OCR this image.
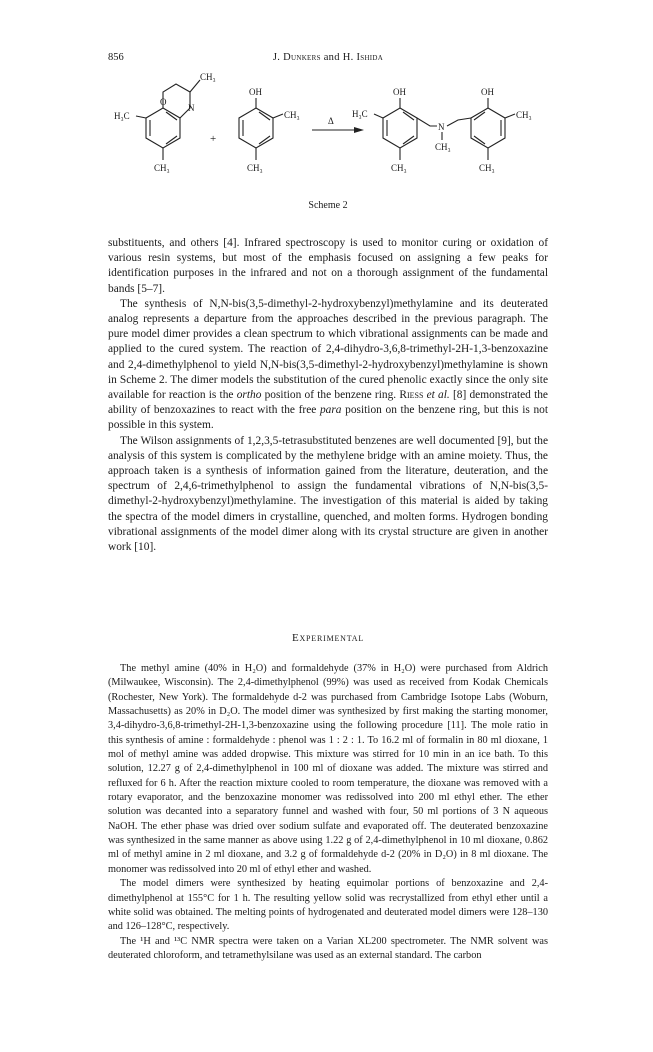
856	J. Dunkers and H. Ishida
O
N
CH₃
H₃C
CH₃
+
OH
CH₃
CH₃
Δ
OH
H₃C
CH₃
N
CH₃
OH
CH₃
CH₃
Scheme 2

substituents, and others [4]. Infrared spectroscopy is used to monitor curing or oxidation of various resin systems, but most of the emphasis focused on assigning a few peaks for identification purposes in the infrared and not on a thorough assignment of the fundamental bands [5–7].

The synthesis of N,N-bis(3,5-dimethyl-2-hydroxybenzyl)methylamine and its deuterated analog represents a departure from the approaches described in the previous paragraph. The pure model dimer provides a clean spectrum to which vibrational assignments can be made and applied to the cured system. The reaction of 2,4-dihydro-3,6,8-trimethyl-2H-1,3-benzoxazine and 2,4-dimethylphenol to yield N,N-bis(3,5-dimethyl-2-hydroxybenzyl)methylamine is shown in Scheme 2. The dimer models the substitution of the cured phenolic exactly since the only site available for reaction is the ortho position of the benzene ring. Riess et al. [8] demonstrated the ability of benzoxazines to react with the free para position on the benzene ring, but this is not possible in this system.

The Wilson assignments of 1,2,3,5-tetrasubstituted benzenes are well documented [9], but the analysis of this system is complicated by the methylene bridge with an amine moiety. Thus, the approach taken is a synthesis of information gained from the literature, deuteration, and the spectrum of 2,4,6-trimethylphenol to assign the fundamental vibrations of N,N-bis(3,5-dimethyl-2-hydroxybenzyl)methylamine. The investigation of this material is aided by taking the spectra of the model dimers in crystalline, quenched, and molten forms. Hydrogen bonding vibrational assignments of the model dimer along with its crystal structure are given in another work [10].

Experimental

The methyl amine (40% in H₂O) and formaldehyde (37% in H₂O) were purchased from Aldrich (Milwaukee, Wisconsin). The 2,4-dimethylphenol (99%) was used as received from Kodak Chemicals (Rochester, New York). The formaldehyde d-2 was purchased from Cambridge Isotope Labs (Woburn, Massachusetts) as 20% in D₂O. The model dimer was synthesized by first making the starting monomer, 3,4-dihydro-3,6,8-trimethyl-2H-1,3-benzoxazine using the following procedure [11]. The mole ratio in this synthesis of amine : formaldehyde : phenol was 1 : 2 : 1. To 16.2 ml of formalin in 80 ml dioxane, 1 mol of methyl amine was added dropwise. This mixture was stirred for 10 min in an ice bath. To this solution, 12.27 g of 2,4-dimethylphenol in 100 ml of dioxane was added. The mixture was stirred and refluxed for 6 h. After the reaction mixture cooled to room temperature, the dioxane was removed with a rotary evaporator, and the benzoxazine monomer was redissolved into 200 ml ethyl ether. The ether solution was decanted into a separatory funnel and washed with four, 50 ml portions of 3 N aqueous NaOH. The ether phase was dried over sodium sulfate and evaporated off. The deuterated benzoxazine was synthesized in the same manner as above using 1.22 g of 2,4-dimethylphenol in 10 ml dioxane, 0.862 ml of methyl amine in 2 ml dioxane, and 3.2 g of formaldehyde d-2 (20% in D₂O) in 8 ml dioxane. The monomer was redissolved into 20 ml of ethyl ether and washed.

The model dimers were synthesized by heating equimolar portions of benzoxazine and 2,4-dimethylphenol at 155°C for 1 h. The resulting yellow solid was recrystallized from ethyl ether until a white solid was obtained. The melting points of hydrogenated and deuterated model dimers were 128–130 and 126–128°C, respectively.

The ¹H and ¹³C NMR spectra were taken on a Varian XL200 spectrometer. The NMR solvent was deuterated chloroform, and tetramethylsilane was used as an external standard. The carbon
